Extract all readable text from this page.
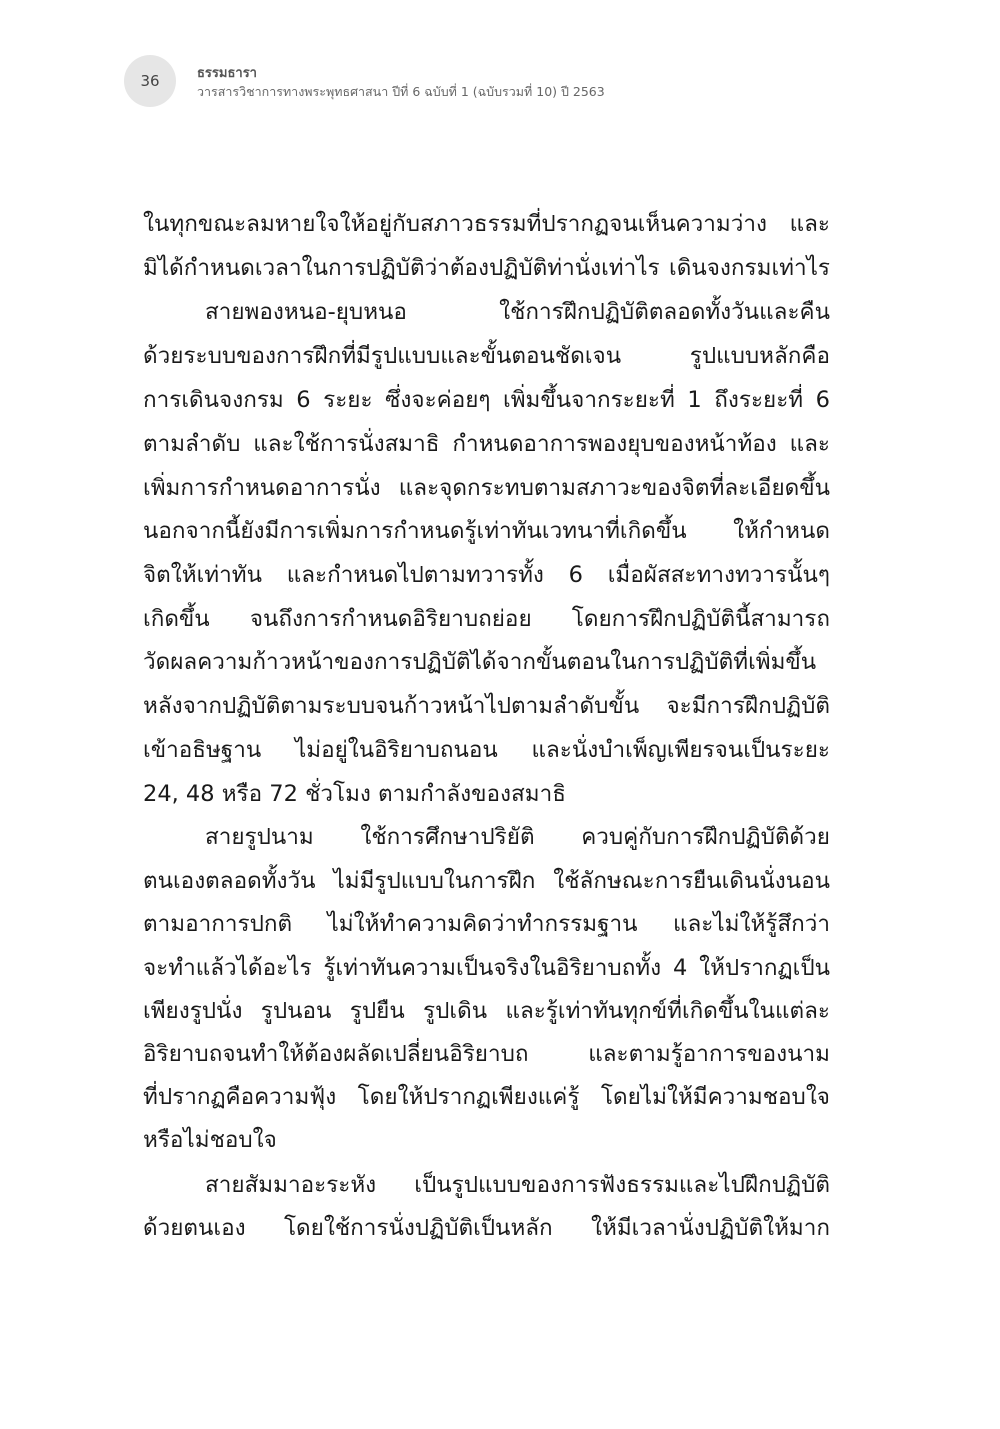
36	ธรรมธารา
วารสารวิชาการทางพระพุทธศาสนา ปีที่ 6 ฉบับที่ 1 (ฉบับรวมที่ 10) ปี 2563
ในทุกขณะลมหายใจให้อยู่กับสภาวธรรมที่ปรากฏจนเห็นความว่าง และ
มิได้กำหนดเวลาในการปฏิบัติว่าต้องปฏิบัติท่านั่งเท่าไร เดินจงกรมเท่าไร
สายพองหนอ-ยุบหนอ ใช้การฝึกปฏิบัติตลอดทั้งวันและคืน
ด้วยระบบของการฝึกที่มีรูปแบบและขั้นตอนชัดเจน รูปแบบหลักคือ
การเดินจงกรม 6 ระยะ ซึ่งจะค่อยๆ เพิ่มขึ้นจากระยะที่ 1 ถึงระยะที่ 6
ตามลำดับ และใช้การนั่งสมาธิ กำหนดอาการพองยุบของหน้าท้อง และ
เพิ่มการกำหนดอาการนั่ง และจุดกระทบตามสภาวะของจิตที่ละเอียดขึ้น
นอกจากนี้ยังมีการเพิ่มการกำหนดรู้เท่าทันเวทนาที่เกิดขึ้น ให้กำหนด
จิตให้เท่าทัน และกำหนดไปตามทวารทั้ง 6 เมื่อผัสสะทางทวารนั้นๆ
เกิดขึ้น จนถึงการกำหนดอิริยาบถย่อย โดยการฝึกปฏิบัตินี้สามารถ
วัดผลความก้าวหน้าของการปฏิบัติได้จากขั้นตอนในการปฏิบัติที่เพิ่มขึ้น
หลังจากปฏิบัติตามระบบจนก้าวหน้าไปตามลำดับขั้น จะมีการฝึกปฏิบัติ
เข้าอธิษฐาน ไม่อยู่ในอิริยาบถนอน และนั่งบำเพ็ญเพียรจนเป็นระยะ
24, 48 หรือ 72 ชั่วโมง ตามกำลังของสมาธิ
สายรูปนาม ใช้การศึกษาปริยัติ ควบคู่กับการฝึกปฏิบัติด้วย
ตนเองตลอดทั้งวัน ไม่มีรูปแบบในการฝึก ใช้ลักษณะการยืนเดินนั่งนอน
ตามอาการปกติ ไม่ให้ทำความคิดว่าทำกรรมฐาน และไม่ให้รู้สึกว่า
จะทำแล้วได้อะไร รู้เท่าทันความเป็นจริงในอิริยาบถทั้ง 4 ให้ปรากฏเป็น
เพียงรูปนั่ง รูปนอน รูปยืน รูปเดิน และรู้เท่าทันทุกข์ที่เกิดขึ้นในแต่ละ
อิริยาบถจนทำให้ต้องผลัดเปลี่ยนอิริยาบถ และตามรู้อาการของนาม
ที่ปรากฏคือความฟุ้ง โดยให้ปรากฏเพียงแค่รู้ โดยไม่ให้มีความชอบใจ
หรือไม่ชอบใจ
สายสัมมาอะระหัง เป็นรูปแบบของการฟังธรรมและไปฝึกปฏิบัติ
ด้วยตนเอง โดยใช้การนั่งปฏิบัติเป็นหลัก ให้มีเวลานั่งปฏิบัติให้มาก
